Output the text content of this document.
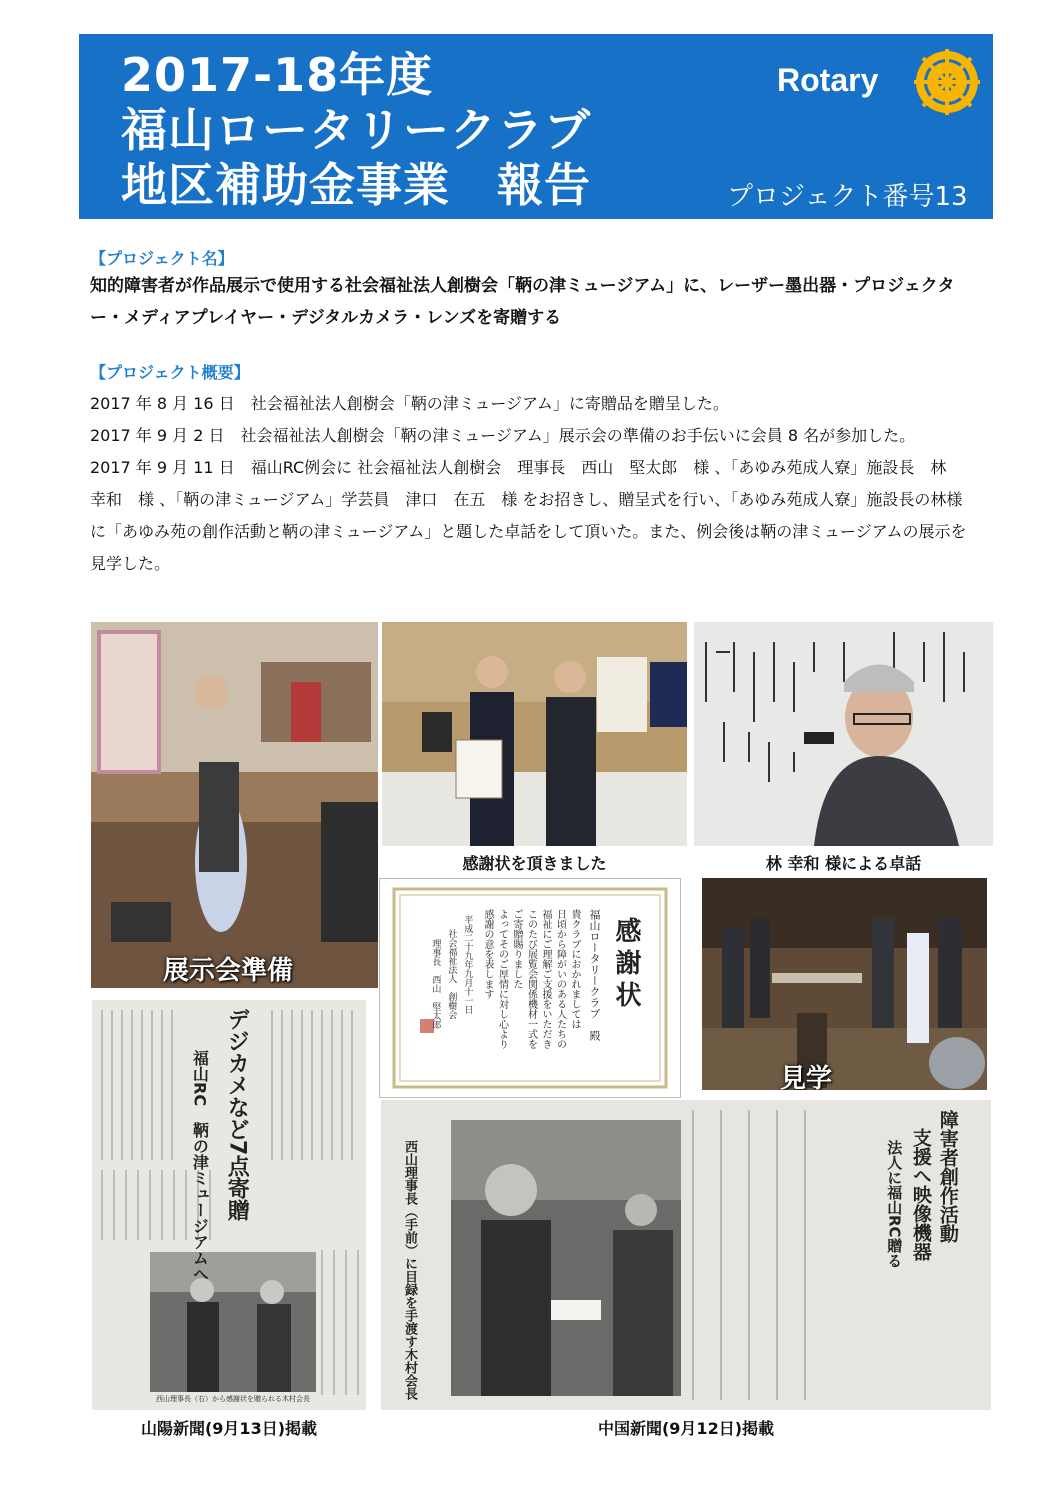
2017-18年度
福山ロータリークラブ
地区補助金事業　報告
Rotary
プロジェクト番号13
【プロジェクト名】

知的障害者が作品展示で使用する社会福祉法人創樹会「鞆の津ミュージアム」に、レーザー墨出器・プロジェクター・メディアプレイヤー・デジタルカメラ・レンズを寄贈する

【プロジェクト概要】

2017 年 8 月 16 日　社会福祉法人創樹会「鞆の津ミュージアム」に寄贈品を贈呈した。

2017 年 9 月 2 日　社会福祉法人創樹会「鞆の津ミュージアム」展示会の準備のお手伝いに会員 8 名が参加した。

2017 年 9 月 11 日　福山RC例会に 社会福祉法人創樹会　理事長　西山　堅太郎　様 、「あゆみ苑成人寮」施設長　林　幸和　様 、「鞆の津ミュージアム」学芸員　津口　在五　様 をお招きし、贈呈式を行い、「あゆみ苑成人寮」施設長の林様に「あゆみ苑の創作活動と鞆の津ミュージアム」と題した卓話をして頂いた。また、例会後は鞆の津ミュージアムの展示を見学した。

展示会準備
感謝状を頂きました	林 幸和 様による卓話
感謝状
福山ロータリークラブ　殿
貴クラブにおかれましては
日頃から障がいのある人たちの
福祉にご理解ご支援をいただき
このたび展覧会関係機材一式を
ご寄贈賜りました
よってそのご厚情に対し心より
感謝の意を表します
平成二十九年九月十一日
社会福祉法人　創樹会
理事長　西山　堅太郎
見学
デジカメなど7点寄贈
福山RC　鞆の津ミュージアムへ
西山理事長（右）から感謝状を贈られる木村会長
山陽新聞(9月13日)掲載
障害者創作活動
支援へ映像機器
法人に福山RC贈る
西山理事長（手前）に目録を手渡す木村会長
中国新聞(9月12日)掲載
